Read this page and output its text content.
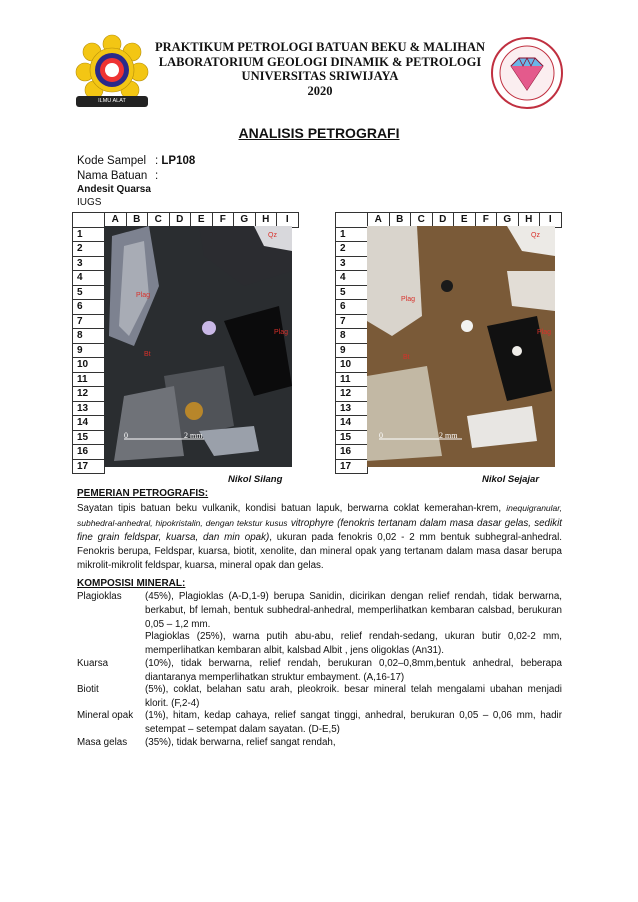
ILMU ALAT PENGABDIAN
PRAKTIKUM PETROLOGI BATUAN BEKU & MALIHAN
LABORATORIUM GEOLOGI DINAMIK & PETROLOGI
UNIVERSITAS SRIWIJAYA
2020
ANALISIS PETROGRAFI
Kode Sampel : LP108
Nama Batuan :
Andesit Quarsa
IUGS
	A	B	C	D	E	F	G	H	I
1									
2									
3									
4									
5									
6									
7									
8									
9									
10									
11									
12									
13									
14									
15									
16									
17									
Qz
Plag
Plag
Bt
0	2 mm
Nikol Silang
	A	B	C	D	E	F	G	H	I
1									
2									
3									
4									
5									
6									
7									
8									
9									
10									
11									
12									
13									
14									
15									
16									
17									
Qz
Plag
Plag
Bt
0	2 mm
Nikol Sejajar
PEMERIAN PETROGRAFIS:
Sayatan tipis batuan beku vulkanik, kondisi batuan lapuk, berwarna coklat kemerahan-krem, inequigranular, subhedral-anhedral, hipokristalin, dengan tekstur kusus vitrophyre (fenokris tertanam dalam masa dasar gelas, sedikit fine grain feldspar, kuarsa, dan min opak), ukuran pada fenokris 0,02 - 2 mm bentuk subhegral-anhedral. Fenokris berupa, Feldspar, kuarsa, biotit, xenolite, dan mineral opak yang tertanam dalam masa dasar berupa mikrolit-mikrolit feldspar, kuarsa, mineral opak dan gelas.
KOMPOSISI MINERAL:
Plagioklas	(45%), Plagioklas (A-D,1-9) berupa Sanidin, dicirikan dengan relief rendah, tidak berwarna, berkabut, bf lemah, bentuk subhedral-anhedral, memperlihatkan kembaran calsbad, berukuran 0,05 – 1,2 mm.
Plagioklas (25%), warna putih abu-abu, relief rendah-sedang, ukuran butir 0,02-2 mm, memperlihatkan kembaran albit, kalsbad Albit , jens oligoklas (An31).
Kuarsa	(10%), tidak berwarna, relief rendah, berukuran 0,02–0,8mm,bentuk anhedral, beberapa diantaranya memperlihatkan struktur embayment. (A,16-17)
Biotit	(5%), coklat, belahan satu arah, pleokroik. besar mineral telah mengalami ubahan menjadi klorit. (F,2-4)
Mineral opak	(1%), hitam, kedap cahaya, relief sangat tinggi, anhedral, berukuran 0,05 – 0,06 mm, hadir setempat – setempat dalam sayatan. (D-E,5)
Masa gelas	(35%), tidak berwarna, relief sangat rendah,
